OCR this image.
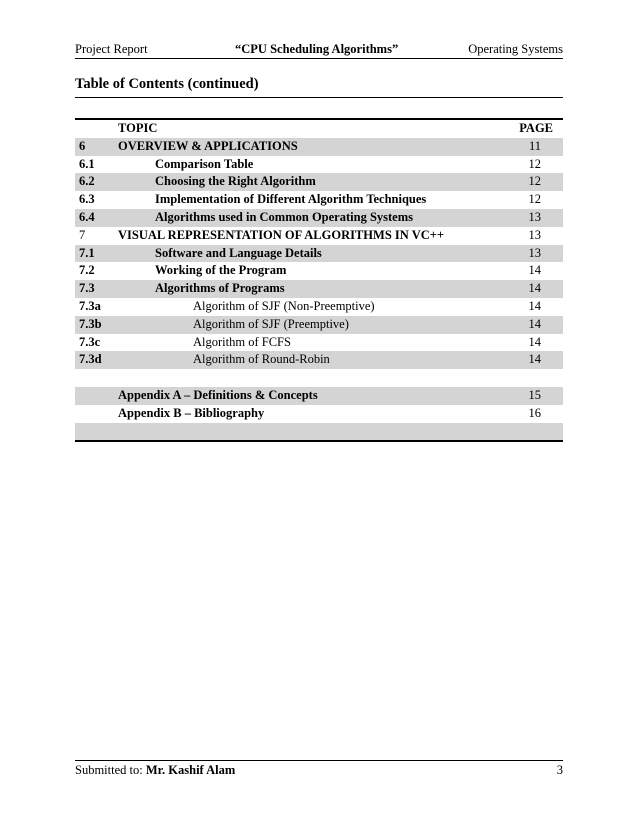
Project Report	“CPU Scheduling Algorithms”	Operating Systems
Table of Contents (continued)
TOPIC	PAGE
6	OVERVIEW & APPLICATIONS	11
6.1	Comparison Table	12
6.2	Choosing the Right Algorithm	12
6.3	Implementation of Different Algorithm Techniques	12
6.4	Algorithms used in Common Operating Systems	13
7	VISUAL REPRESENTATION OF ALGORITHMS IN VC++	13
7.1	Software and Language Details	13
7.2	Working of the Program	14
7.3	Algorithms of Programs	14
7.3a	Algorithm of SJF (Non-Preemptive)	14
7.3b	Algorithm of SJF (Preemptive)	14
7.3c	Algorithm of FCFS	14
7.3d	Algorithm of Round-Robin	14
Appendix A – Definitions & Concepts	15
Appendix B – Bibliography	16
Submitted to: Mr. Kashif Alam	3
